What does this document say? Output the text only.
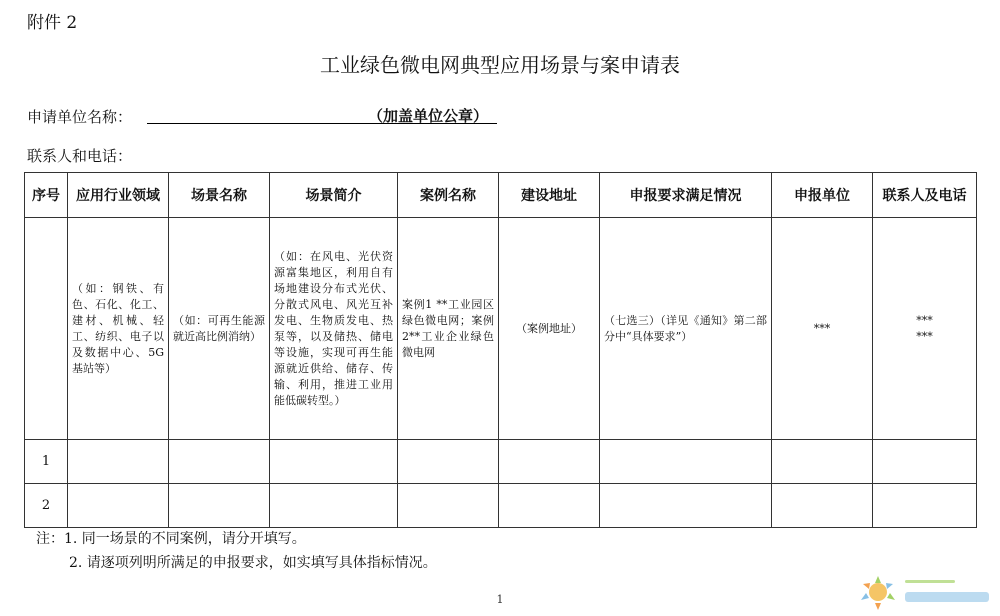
附件 2
工业绿色微电网典型应用场景与案申请表
申请单位名称：	（加盖单位公章）
联系人和电话：
序号	应用行业领域	场景名称	场景简介	案例名称	建设地址	申报要求满足情况	申报单位	联系人及电话
	（如：钢铁、有色、石化、化工、建材、机械、轻工、纺织、电子以及数据中心、5G基站等）	（如：可再生能源就近高比例消纳）	（如：在风电、光伏资源富集地区，利用自有场地建设分布式光伏、分散式风电、风光互补发电、生物质发电、热泵等，以及储热、储电等设施，实现可再生能源就近供给、储存、传输、利用，推进工业用能低碳转型。）	案例1 **工业园区绿色微电网；案例2**工业企业绿色微电网	（案例地址）	（七选三）（详见《通知》第二部分中“具体要求”）	***	***
***

1								
2								
注：1. 同一场景的不同案例，请分开填写。
2. 请逐项列明所满足的申报要求，如实填写具体指标情况。
1
